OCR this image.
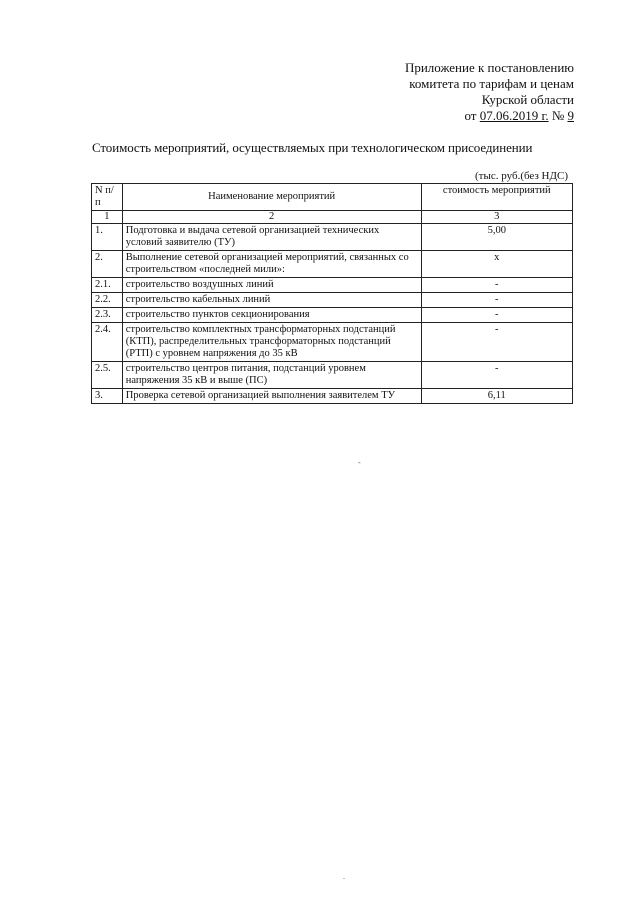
Приложение к постановлению
комитета по тарифам и ценам
Курской области
от 07.06.2019 г. № 9
Стоимость мероприятий, осуществляемых при технологическом присоединении
(тыс. руб.(без НДС)
N п/п	Наименование мероприятий	стоимость мероприятий
1	2	3
1.	Подготовка и выдача сетевой организацией технических условий заявителю (ТУ)	5,00
2.	Выполнение сетевой организацией мероприятий, связанных со строительством «последней мили»:	х
2.1.	строительство воздушных линий	-
2.2.	строительство кабельных линий	-
2.3.	строительство пунктов секционирования	-
2.4.	строительство комплектных трансформаторных подстанций (КТП), распределительных трансформаторных подстанций (РТП) с уровнем напряжения до 35 кВ	-
2.5.	строительство центров питания, подстанций уровнем напряжения 35 кВ и выше (ПС)	-
3.	Проверка сетевой организацией выполнения заявителем ТУ	6,11
-
.
